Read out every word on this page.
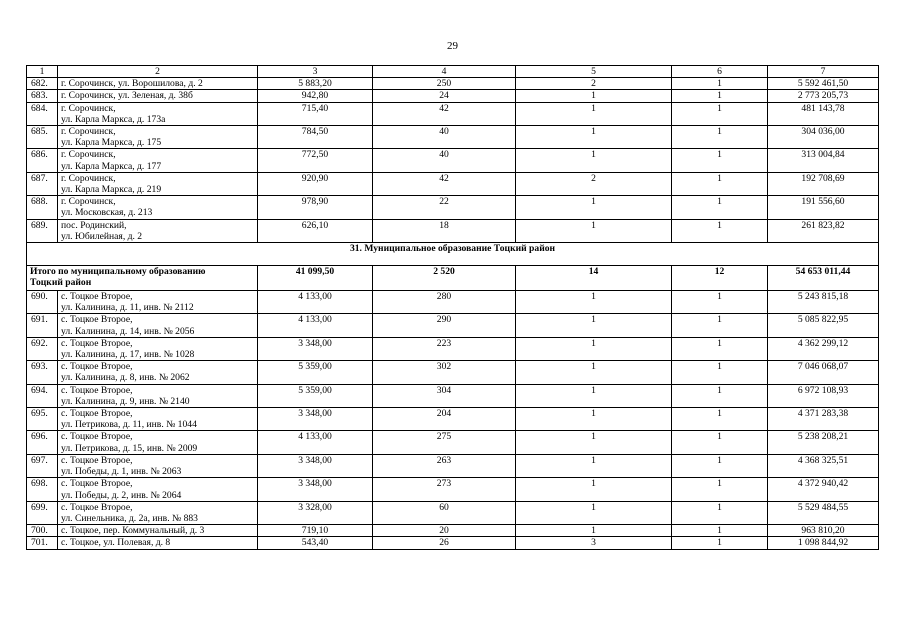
29
1	2	3	4	5	6	7
682.	г. Сорочинск, ул. Ворошилова, д. 2	5 883,20	250	2	1	5 592 461,50
683.	г. Сорочинск, ул. Зеленая, д. 38б	942,80	24	1	1	2 773 205,73
684.	г. Сорочинск,
ул. Карла Маркса, д. 173а	715,40	42	1	1	481 143,78
685.	г. Сорочинск,
ул. Карла Маркса, д. 175	784,50	40	1	1	304 036,00
686.	г. Сорочинск,
ул. Карла Маркса, д. 177	772,50	40	1	1	313 004,84
687.	г. Сорочинск,
ул. Карла Маркса, д. 219	920,90	42	2	1	192 708,69
688.	г. Сорочинск,
ул. Московская, д. 213	978,90	22	1	1	191 556,60
689.	пос. Родинский,
ул. Юбилейная, д. 2	626,10	18	1	1	261 823,82
31. Муниципальное образование Тоцкий район						

Итого по муниципальному образованию
Тоцкий район		41 099,50	2 520	14	12	54 653 011,44
690.	с. Тоцкое Второе,
ул. Калинина, д. 11, инв. № 2112	4 133,00	280	1	1	5 243 815,18
691.	с. Тоцкое Второе,
ул. Калинина, д. 14, инв. № 2056	4 133,00	290	1	1	5 085 822,95
692.	с. Тоцкое Второе,
ул. Калинина, д. 17, инв. № 1028	3 348,00	223	1	1	4 362 299,12
693.	с. Тоцкое Второе,
ул. Калинина, д. 8, инв. № 2062	5 359,00	302	1	1	7 046 068,07
694.	с. Тоцкое Второе,
ул. Калинина, д. 9, инв. № 2140	5 359,00	304	1	1	6 972 108,93
695.	с. Тоцкое Второе,
ул. Петрикова, д. 11, инв. № 1044	3 348,00	204	1	1	4 371 283,38
696.	с. Тоцкое Второе,
ул. Петрикова, д. 15, инв. № 2009	4 133,00	275	1	1	5 238 208,21
697.	с. Тоцкое Второе,
ул. Победы, д. 1, инв. № 2063	3 348,00	263	1	1	4 368 325,51
698.	с. Тоцкое Второе,
ул. Победы, д. 2, инв. № 2064	3 348,00	273	1	1	4 372 940,42
699.	с. Тоцкое Второе,
ул. Синельника, д. 2а, инв. № 883	3 328,00	60	1	1	5 529 484,55
700.	с. Тоцкое, пер. Коммунальный, д. 3	719,10	20	1	1	963 810,20
701.	с. Тоцкое, ул. Полевая, д. 8	543,40	26	3	1	1 098 844,92
